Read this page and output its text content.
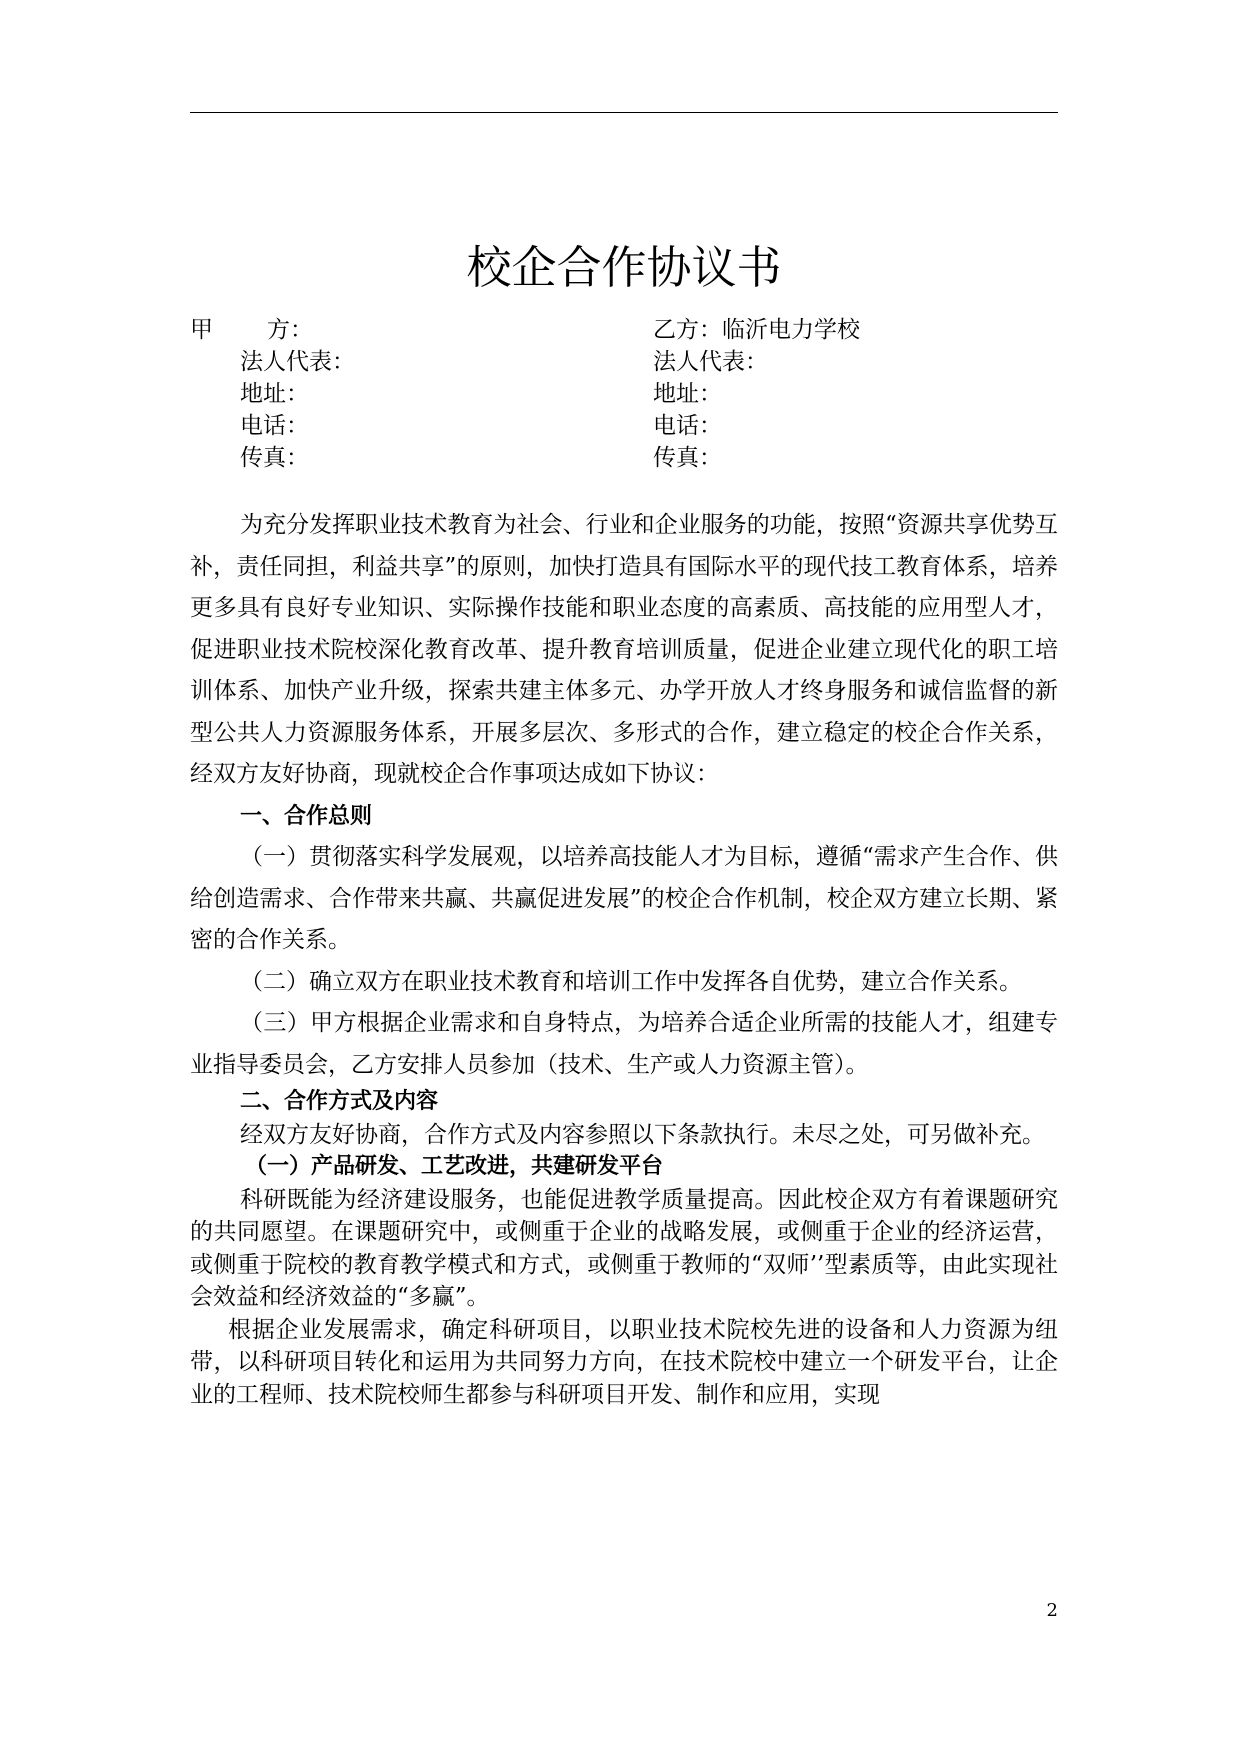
校企合作协议书
甲 方：
法人代表：
地址：
电话：
传真：
乙方：临沂电力学校
法人代表：
地址：
电话：
传真：

为充分发挥职业技术教育为社会、行业和企业服务的功能，按照“资源共享优势互补，责任同担，利益共享”的原则，加快打造具有国际水平的现代技工教育体系，培养更多具有良好专业知识、实际操作技能和职业态度的高素质、高技能的应用型人才，促进职业技术院校深化教育改革、提升教育培训质量，促进企业建立现代化的职工培训体系、加快产业升级，探索共建主体多元、办学开放人才终身服务和诚信监督的新型公共人力资源服务体系，开展多层次、多形式的合作，建立稳定的校企合作关系，经双方友好协商，现就校企合作事项达成如下协议：

一、合作总则

（一）贯彻落实科学发展观，以培养高技能人才为目标，遵循“需求产生合作、供给创造需求、合作带来共赢、共赢促进发展”的校企合作机制，校企双方建立长期、紧密的合作关系。

（二）确立双方在职业技术教育和培训工作中发挥各自优势，建立合作关系。

（三）甲方根据企业需求和自身特点，为培养合适企业所需的技能人才，组建专业指导委员会，乙方安排人员参加（技术、生产或人力资源主管）。

二、合作方式及内容

经双方友好协商，合作方式及内容参照以下条款执行。未尽之处，可另做补充。

（一）产品研发、工艺改进，共建研发平台

科研既能为经济建设服务，也能促进教学质量提高。因此校企双方有着课题研究的共同愿望。在课题研究中，或侧重于企业的战略发展，或侧重于企业的经济运营，或侧重于院校的教育教学模式和方式，或侧重于教师的“双师’’型素质等，由此实现社会效益和经济效益的“多赢”。

根据企业发展需求，确定科研项目，以职业技术院校先进的设备和人力资源为纽带，以科研项目转化和运用为共同努力方向，在技术院校中建立一个研发平台，让企业的工程师、技术院校师生都参与科研项目开发、制作和应用，实现

2
